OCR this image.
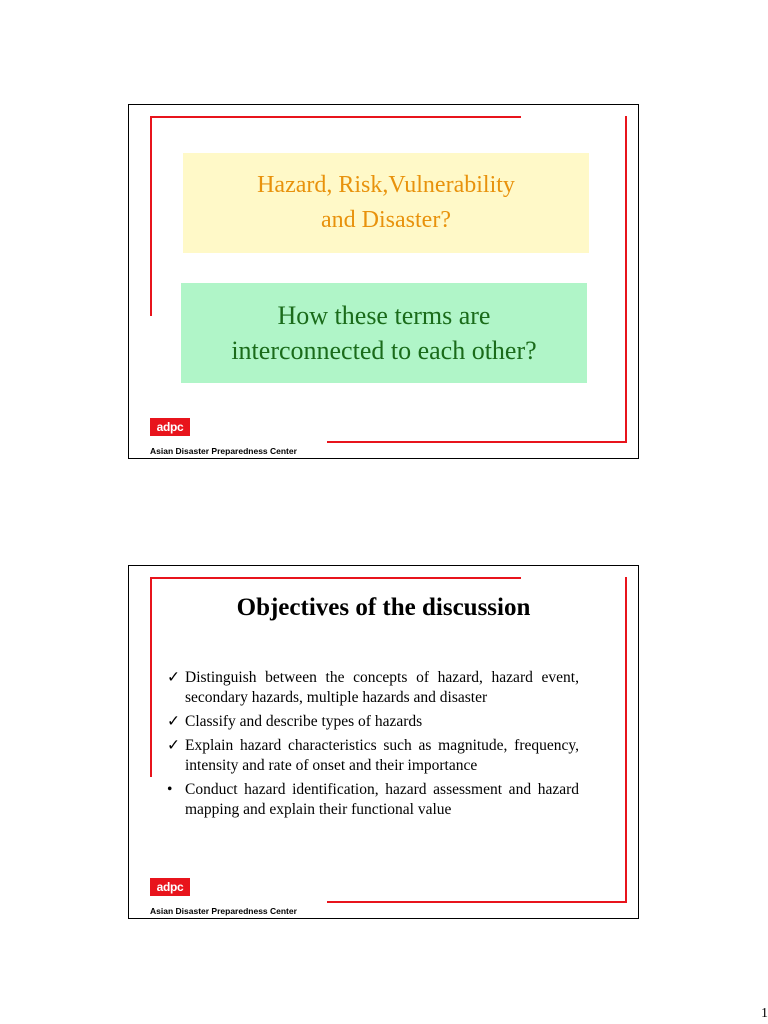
Hazard, Risk,Vulnerability
and Disaster?
How these terms are
interconnected to each other?
adpc
Asian Disaster Preparedness Center
Objectives of the discussion
✓ Distinguish between the concepts of hazard, hazard event, secondary hazards, multiple hazards and disaster
✓ Classify and describe types of hazards
✓ Explain hazard characteristics such as magnitude, frequency, intensity and rate of onset and their importance
• Conduct hazard identification, hazard assessment and hazard mapping and explain their functional value
adpc
Asian Disaster Preparedness Center
1
